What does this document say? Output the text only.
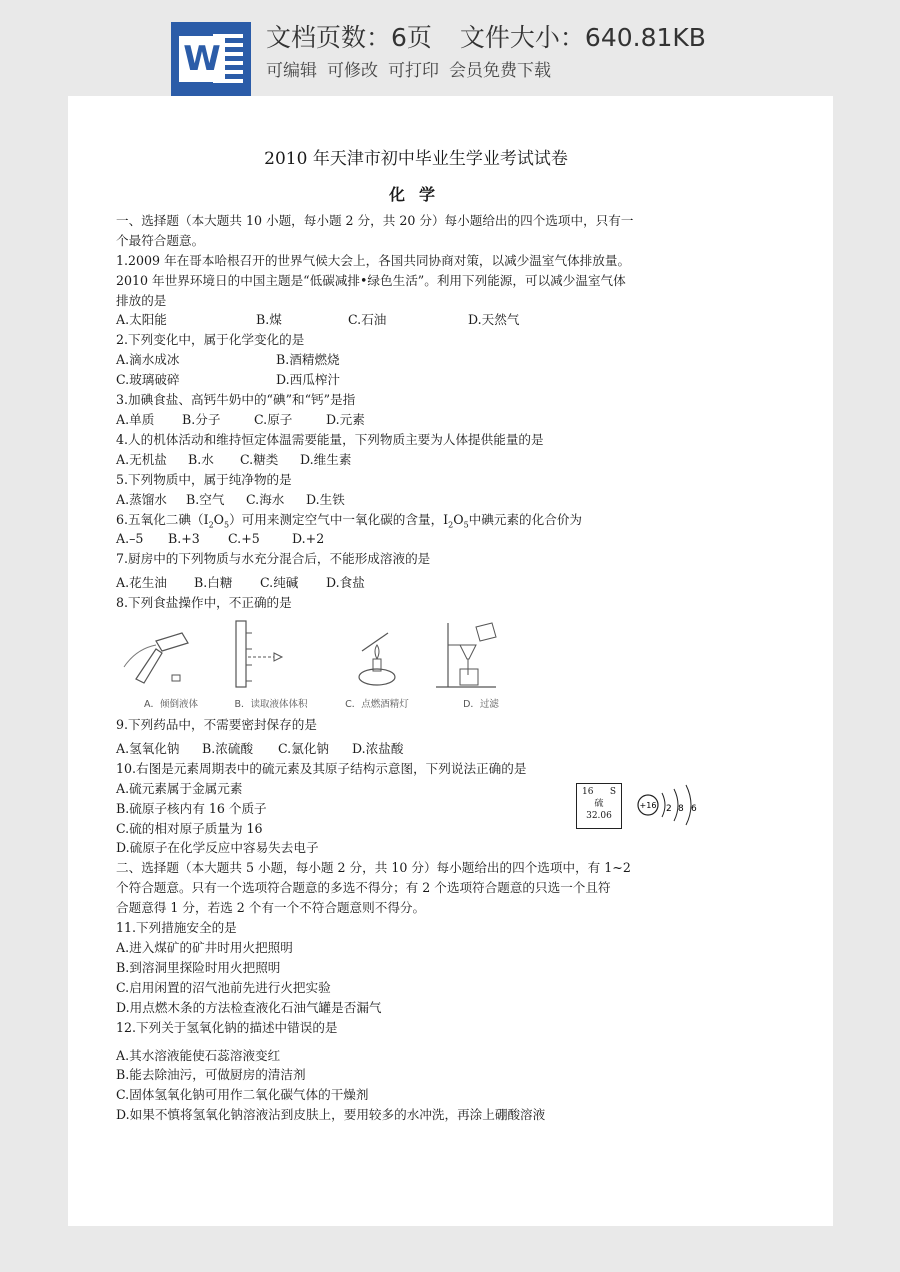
W
文档页数：6页 文件大小：640.81KB
可编辑 可修改 可打印 会员免费下载
2010 年天津市初中毕业生学业考试试卷
化学
一、选择题（本大题共 10 小题，每小题 2 分，共 20 分）每小题给出的四个选项中，只有一
个最符合题意。
1.2009 年在哥本哈根召开的世界气候大会上，各国共同协商对策，以减少温室气体排放量。
2010 年世界环境日的中国主题是“低碳减排•绿色生活”。利用下列能源，可以减少温室气体
排放的是
A.太阳能	B.煤	C.石油	D.天然气
2.下列变化中，属于化学变化的是
A.滴水成冰	B.酒精燃烧
C.玻璃破碎	D.西瓜榨汁
3.加碘食盐、高钙牛奶中的“碘”和“钙”是指
A.单质	B.分子	C.原子	D.元素
4.人的机体活动和维持恒定体温需要能量，下列物质主要为人体提供能量的是
A.无机盐	B.水	C.糖类	D.维生素
5.下列物质中，属于纯净物的是
A.蒸馏水	B.空气	C.海水	D.生铁
6.五氧化二碘$(I_2O_5)$可用来测定空气中一氧化碳的含量，$I_2O_5$中碘元素的化合价为
A.–5	B.+3	C.+5	D.+2
7.厨房中的下列物质与水充分混合后，不能形成溶液的是
A.花生油	B.白糖	C.纯碱	D.食盐
8.下列食盐操作中，不正确的是
A．倾倒液体	B．读取液体体积	C．点燃酒精灯	D．过滤
9.下列药品中，不需要密封保存的是
A.氢氧化钠	B.浓硫酸	C.氯化钠	D.浓盐酸
10.右图是元素周期表中的硫元素及其原子结构示意图，下列说法正确的是
A.硫元素属于金属元素
B.硫原子核内有 16 个质子
C.硫的相对原子质量为 16
D.硫原子在化学反应中容易失去电子
16 S
硫
32.06
+16 2 8 6
二、选择题（本大题共 5 小题，每小题 2 分，共 10 分）每小题给出的四个选项中，有 1~2
个符合题意。只有一个选项符合题意的多选不得分；有 2 个选项符合题意的只选一个且符
合题意得 1 分，若选 2 个有一个不符合题意则不得分。
11.下列措施安全的是
A.进入煤矿的矿井时用火把照明
B.到溶洞里探险时用火把照明
C.启用闲置的沼气池前先进行火把实验
D.用点燃木条的方法检查液化石油气罐是否漏气
12.下列关于氢氧化钠的描述中错误的是
A.其水溶液能使石蕊溶液变红
B.能去除油污，可做厨房的清洁剂
C.固体氢氧化钠可用作二氧化碳气体的干燥剂
D.如果不慎将氢氧化钠溶液沾到皮肤上，要用较多的水冲洗，再涂上硼酸溶液
